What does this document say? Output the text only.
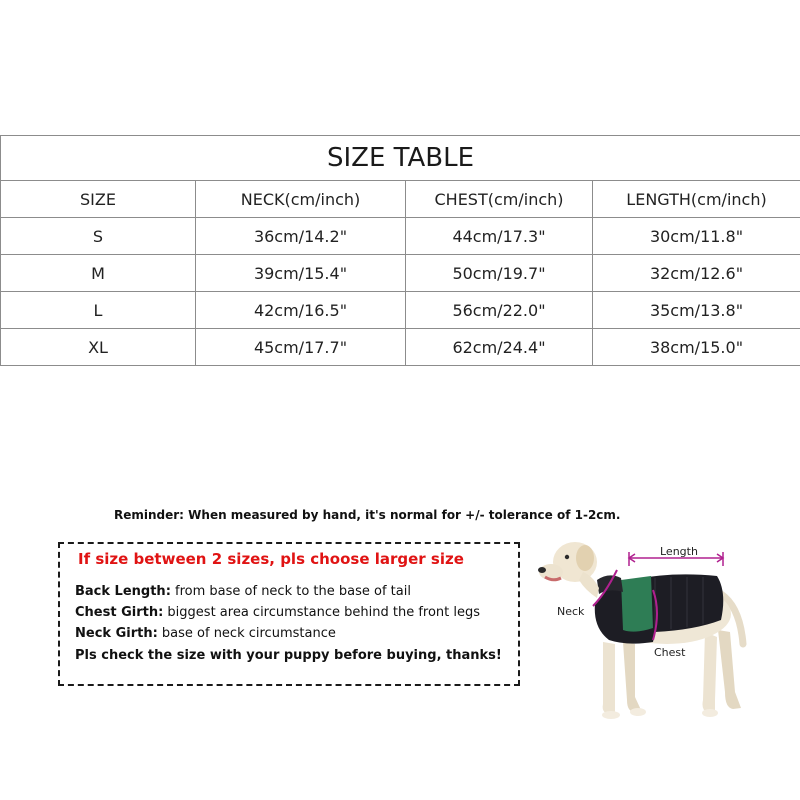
SIZE TABLE			
SIZE	NECK(cm/inch)	CHEST(cm/inch)	LENGTH(cm/inch)
S	36cm/14.2"	44cm/17.3"	30cm/11.8"
M	39cm/15.4"	50cm/19.7"	32cm/12.6"
L	42cm/16.5"	56cm/22.0"	35cm/13.8"
XL	45cm/17.7"	62cm/24.4"	38cm/15.0"
Reminder: When measured by hand, it's normal for +/- tolerance of 1-2cm.
If size between 2 sizes, pls choose larger size
Back Length: from base of neck to the base of tail
Chest Girth: biggest area circumstance behind the front legs
Neck Girth: base of neck circumstance
Pls check the size with your puppy before buying, thanks!
Length
Neck
Chest
